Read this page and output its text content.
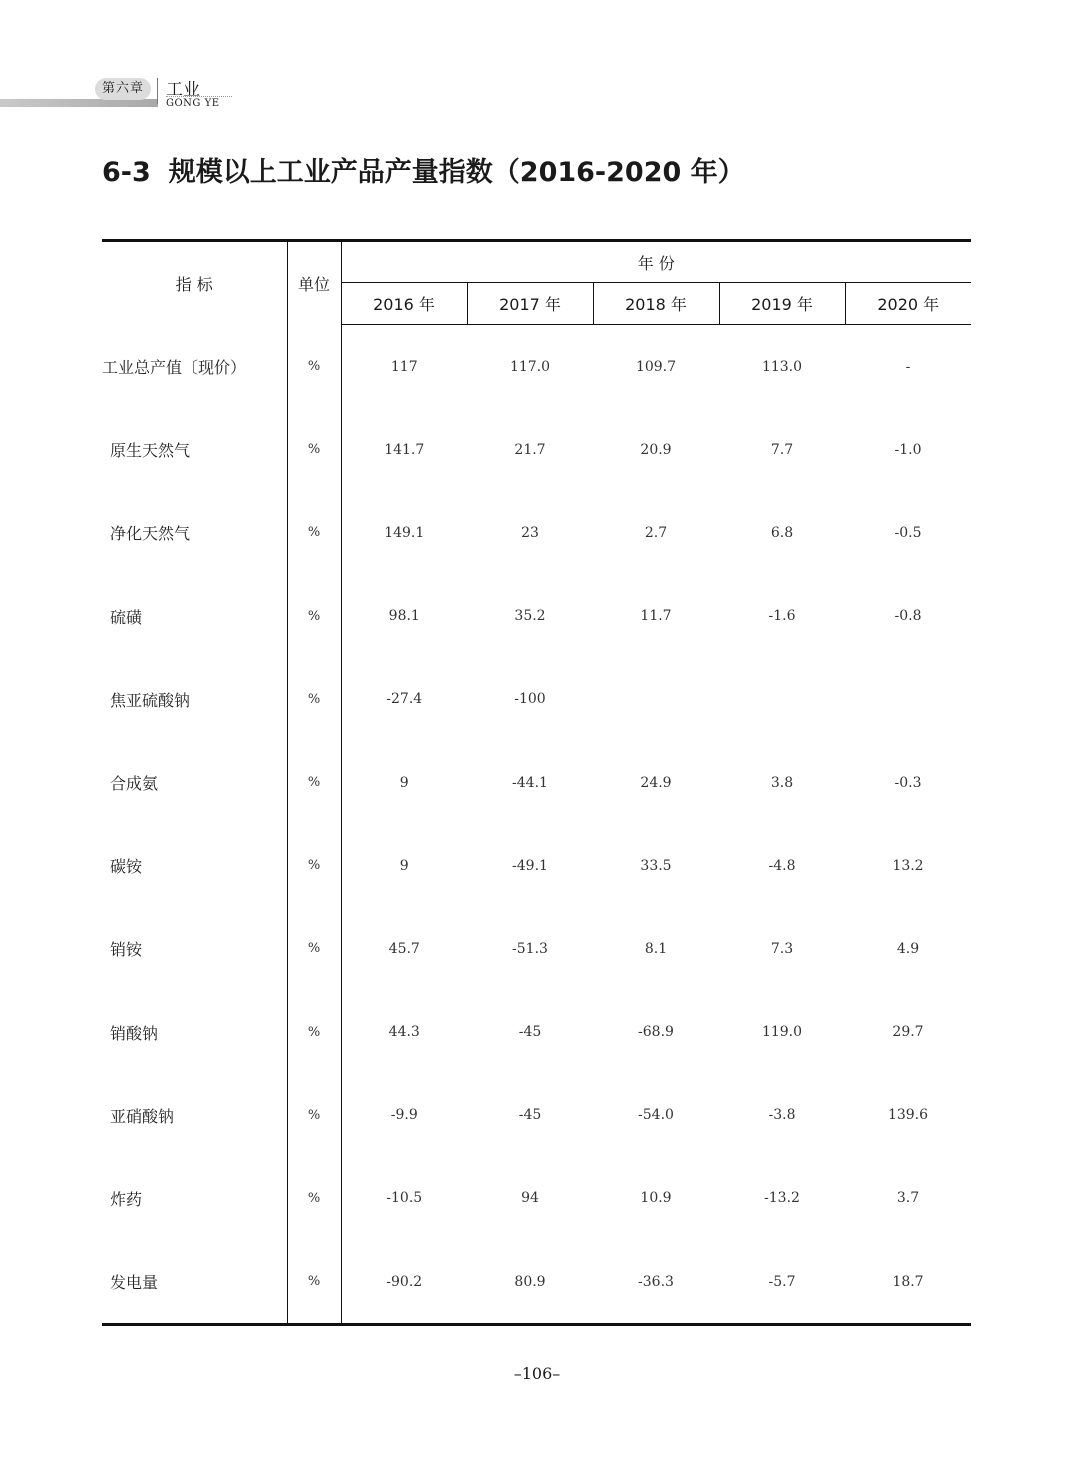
第六章	工业
GONG YE
6-3 规模以上工业产品产量指数（2016-2020 年）
指 标	单位	年 份				
		2016 年	2017 年	2018 年	2019 年	2020 年
工业总产值〔现价）	%	117	117.0	109.7	113.0	-
原生天然气	%	141.7	21.7	20.9	7.7	-1.0
净化天然气	%	149.1	23	2.7	6.8	-0.5
硫磺	%	98.1	35.2	11.7	-1.6	-0.8
焦亚硫酸钠	%	-27.4	-100			
合成氨	%	9	-44.1	24.9	3.8	-0.3
碳铵	%	9	-49.1	33.5	-4.8	13.2
销铵	%	45.7	-51.3	8.1	7.3	4.9
销酸钠	%	44.3	-45	-68.9	119.0	29.7
亚硝酸钠	%	-9.9	-45	-54.0	-3.8	139.6
炸药	%	-10.5	94	10.9	-13.2	3.7
发电量	%	-90.2	80.9	-36.3	-5.7	18.7
–106–
